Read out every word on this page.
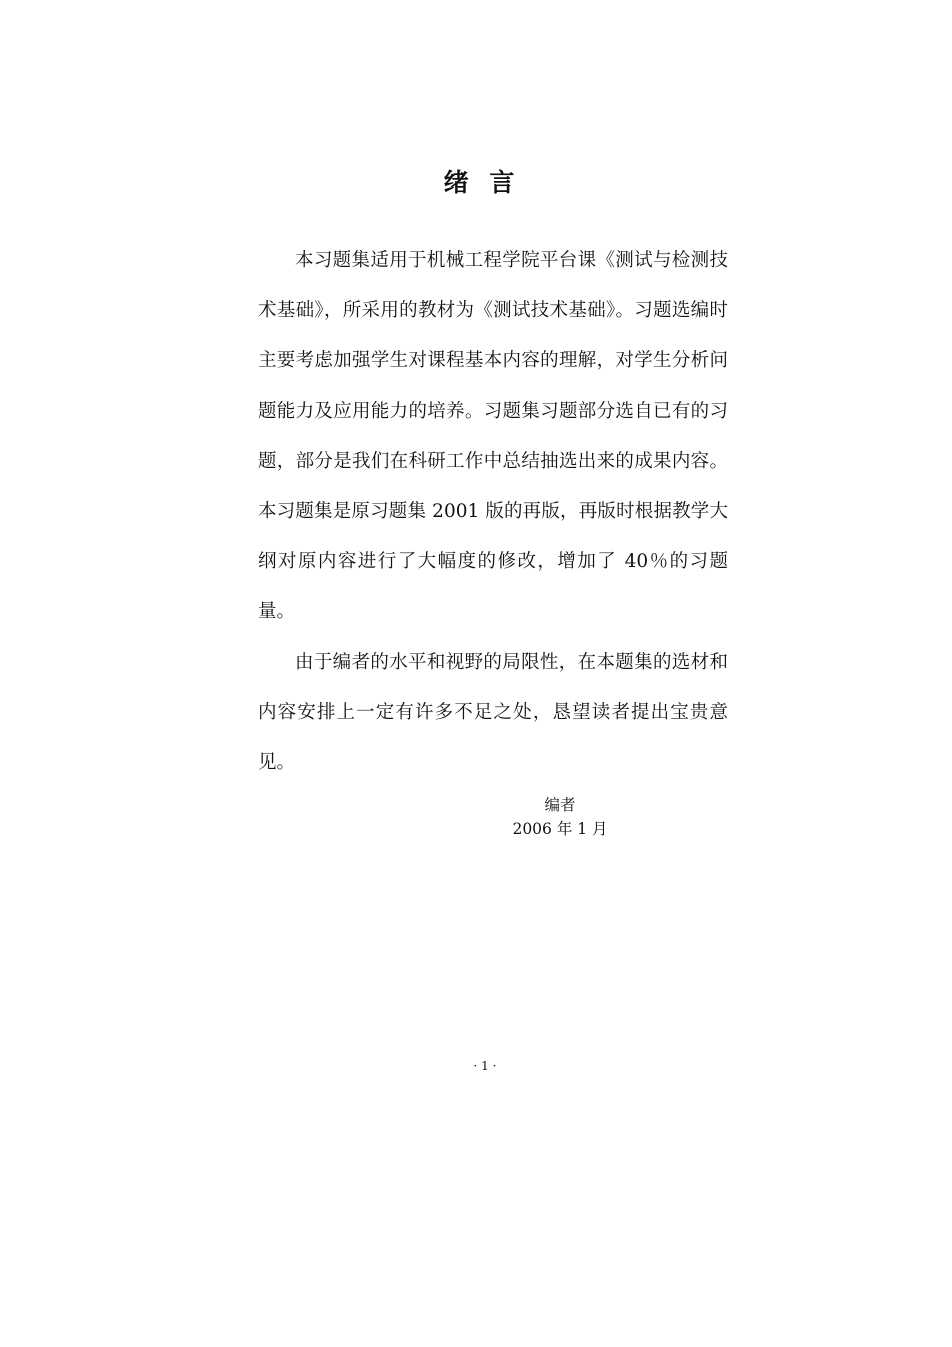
绪 言

本习题集适用于机械工程学院平台课《测试与检测技术基础》，所采用的教材为《测试技术基础》。习题选编时主要考虑加强学生对课程基本内容的理解，对学生分析问题能力及应用能力的培养。习题集习题部分选自已有的习题，部分是我们在科研工作中总结抽选出来的成果内容。本习题集是原习题集 2001 版的再版，再版时根据教学大纲对原内容进行了大幅度的修改，增加了 40％的习题量。

由于编者的水平和视野的局限性，在本题集的选材和内容安排上一定有许多不足之处，恳望读者提出宝贵意见。

编者
2006 年 1 月
· 1 ·
